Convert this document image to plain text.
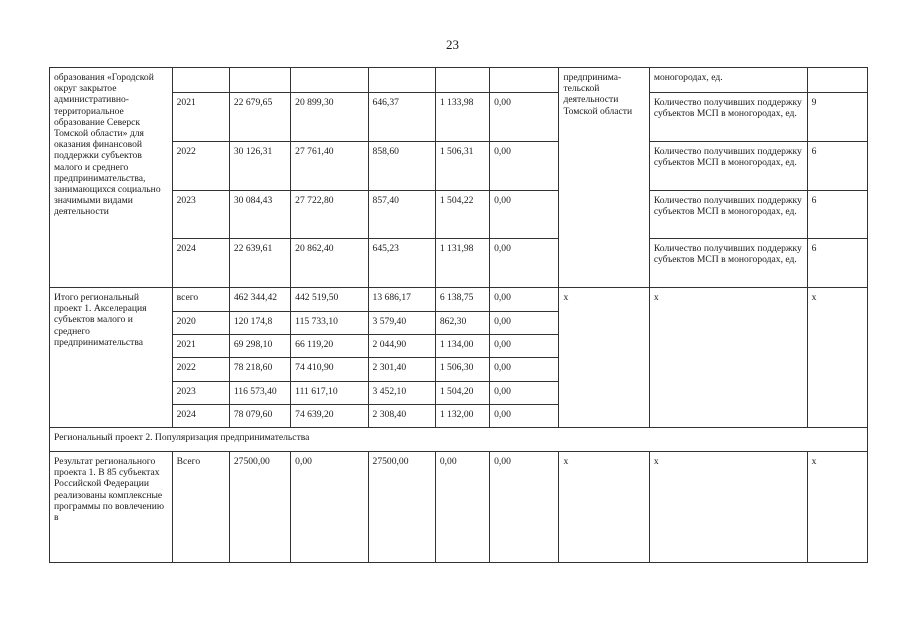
23
образования «Городской округ закрытое административно-территориальное образование Северск Томской области» для оказания финансовой поддержки субъектов малого и среднего предпринимательства, занимающихся социально значимыми видами деятельности							предпринима-тельской деятельности Томской области	моногородах, ед.	
	2021	22 679,65	20 899,30	646,37	1 133,98	0,00		Количество получивших поддержку субъектов МСП в моногородах, ед.	9
	2022	30 126,31	27 761,40	858,60	1 506,31	0,00		Количество получивших поддержку субъектов МСП в моногородах, ед.	6
	2023	30 084,43	27 722,80	857,40	1 504,22	0,00		Количество получивших поддержку субъектов МСП в моногородах, ед.	6
	2024	22 639,61	20 862,40	645,23	1 131,98	0,00		Количество получивших поддержку субъектов МСП в моногородах, ед.	6
Итого региональный проект 1. Акселерация субъектов малого и среднего предпринимательства	всего	462 344,42	442 519,50	13 686,17	6 138,75	0,00	x	x	x
	2020	120 174,8	115 733,10	3 579,40	862,30	0,00			
	2021	69 298,10	66 119,20	2 044,90	1 134,00	0,00			
	2022	78 218,60	74 410,90	2 301,40	1 506,30	0,00			
	2023	116 573,40	111 617,10	3 452,10	1 504,20	0,00			
	2024	78 079,60	74 639,20	2 308,40	1 132,00	0,00			
Региональный проект 2. Популяризация предпринимательства									
Результат регионального проекта 1. В 85 субъектах Российской Федерации реализованы комплексные программы по вовлечению в	Всего	27500,00	0,00	27500,00	0,00	0,00	x	x	x
